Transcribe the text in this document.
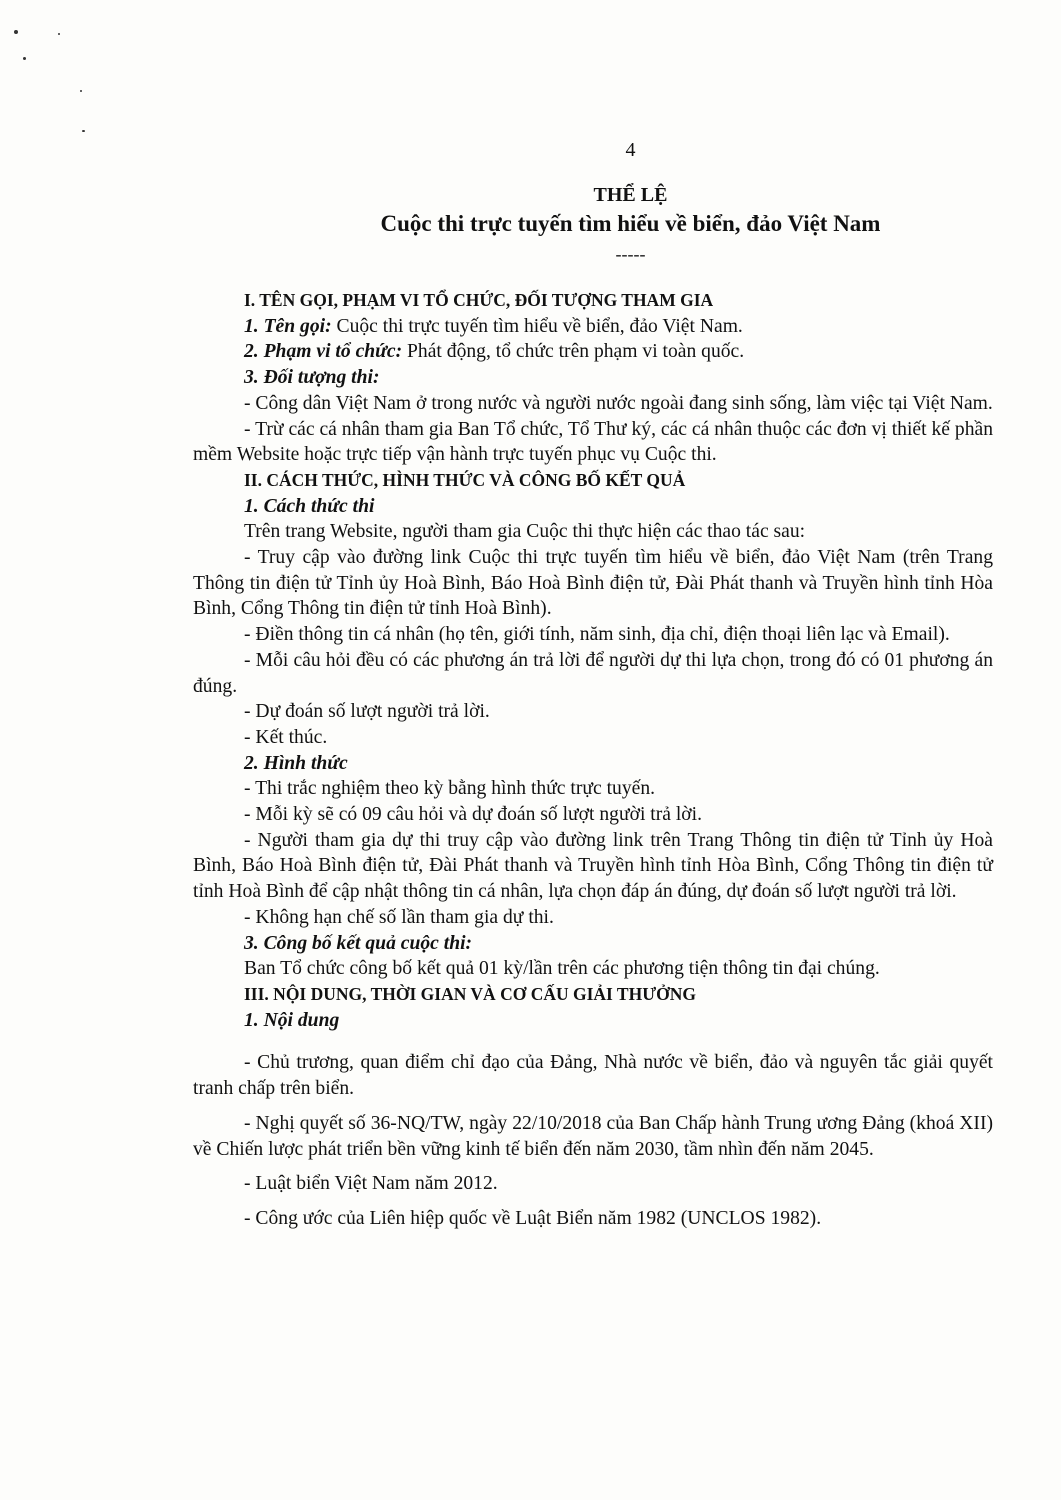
4
THỂ LỆ
Cuộc thi trực tuyến tìm hiểu về biển, đảo Việt Nam
-----

I. TÊN GỌI, PHẠM VI TỔ CHỨC, ĐỐI TƯỢNG THAM GIA

1. Tên gọi: Cuộc thi trực tuyến tìm hiểu về biển, đảo Việt Nam.

2. Phạm vi tổ chức: Phát động, tổ chức trên phạm vi toàn quốc.

3. Đối tượng thi:

- Công dân Việt Nam ở trong nước và người nước ngoài đang sinh sống, làm việc tại Việt Nam.

- Trừ các cá nhân tham gia Ban Tổ chức, Tổ Thư ký, các cá nhân thuộc các đơn vị thiết kế phần mềm Website hoặc trực tiếp vận hành trực tuyến phục vụ Cuộc thi.

II. CÁCH THỨC, HÌNH THỨC VÀ CÔNG BỐ KẾT QUẢ

1. Cách thức thi

Trên trang Website, người tham gia Cuộc thi thực hiện các thao tác sau:

- Truy cập vào đường link Cuộc thi trực tuyến tìm hiểu về biển, đảo Việt Nam (trên Trang Thông tin điện tử Tỉnh ủy Hoà Bình, Báo Hoà Bình điện tử, Đài Phát thanh và Truyền hình tỉnh Hòa Bình, Cổng Thông tin điện tử tỉnh Hoà Bình).

- Điền thông tin cá nhân (họ tên, giới tính, năm sinh, địa chỉ, điện thoại liên lạc và Email).

- Mỗi câu hỏi đều có các phương án trả lời để người dự thi lựa chọn, trong đó có 01 phương án đúng.

- Dự đoán số lượt người trả lời.

- Kết thúc.

2. Hình thức

- Thi trắc nghiệm theo kỳ bằng hình thức trực tuyến.

- Mỗi kỳ sẽ có 09 câu hỏi và dự đoán số lượt người trả lời.

- Người tham gia dự thi truy cập vào đường link trên Trang Thông tin điện tử Tỉnh ủy Hoà Bình, Báo Hoà Bình điện tử, Đài Phát thanh và Truyền hình tỉnh Hòa Bình, Cổng Thông tin điện tử tỉnh Hoà Bình để cập nhật thông tin cá nhân, lựa chọn đáp án đúng, dự đoán số lượt người trả lời.

- Không hạn chế số lần tham gia dự thi.

3. Công bố kết quả cuộc thi:

Ban Tổ chức công bố kết quả 01 kỳ/lần trên các phương tiện thông tin đại chúng.

III. NỘI DUNG, THỜI GIAN VÀ CƠ CẤU GIẢI THƯỞNG

1. Nội dung

- Chủ trương, quan điểm chỉ đạo của Đảng, Nhà nước về biển, đảo và nguyên tắc giải quyết tranh chấp trên biển.

- Nghị quyết số 36-NQ/TW, ngày 22/10/2018 của Ban Chấp hành Trung ương Đảng (khoá XII) về Chiến lược phát triển bền vững kinh tế biển đến năm 2030, tầm nhìn đến năm 2045.

- Luật biển Việt Nam năm 2012.

- Công ước của Liên hiệp quốc về Luật Biển năm 1982 (UNCLOS 1982).
